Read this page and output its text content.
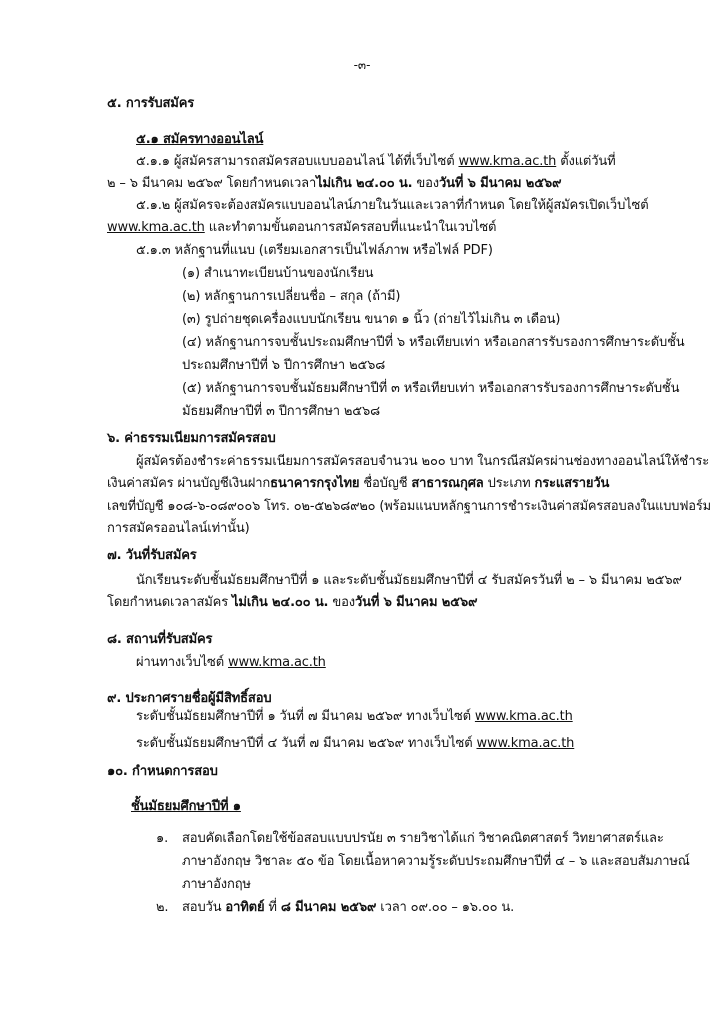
-๓-
๕. การรับสมัคร
๕.๑ สมัครทางออนไลน์
๕.๑.๑ ผู้สมัครสามารถสมัครสอบแบบออนไลน์ ได้ที่เว็บไซต์ www.kma.ac.th ตั้งแต่วันที่
๒ – ๖ มีนาคม ๒๕๖๙ โดยกำหนดเวลาไม่เกิน ๒๔.๐๐ น. ของวันที่ ๖ มีนาคม ๒๕๖๙
๕.๑.๒ ผู้สมัครจะต้องสมัครแบบออนไลน์ภายในวันและเวลาที่กำหนด โดยให้ผู้สมัครเปิดเว็บไซต์
www.kma.ac.th และทำตามขั้นตอนการสมัครสอบที่แนะนำในเวบไซต์
๕.๑.๓ หลักฐานที่แนบ (เตรียมเอกสารเป็นไฟล์ภาพ หรือไฟล์ PDF)
(๑) สำเนาทะเบียนบ้านของนักเรียน
(๒) หลักฐานการเปลี่ยนชื่อ – สกุล (ถ้ามี)
(๓) รูปถ่ายชุดเครื่องแบบนักเรียน ขนาด ๑ นิ้ว (ถ่ายไว้ไม่เกิน ๓ เดือน)
(๔) หลักฐานการจบชั้นประถมศึกษาปีที่ ๖ หรือเทียบเท่า หรือเอกสารรับรองการศึกษาระดับชั้น
ประถมศึกษาปีที่ ๖ ปีการศึกษา ๒๕๖๘
(๕) หลักฐานการจบชั้นมัธยมศึกษาปีที่ ๓ หรือเทียบเท่า หรือเอกสารรับรองการศึกษาระดับชั้น
มัธยมศึกษาปีที่ ๓ ปีการศึกษา ๒๕๖๘
๖. ค่าธรรมเนียมการสมัครสอบ
ผู้สมัครต้องชำระค่าธรรมเนียมการสมัครสอบจำนวน ๒๐๐ บาท ในกรณีสมัครผ่านช่องทางออนไลน์ให้ชำระ
เงินค่าสมัคร ผ่านบัญชีเงินฝากธนาคารกรุงไทย ชื่อบัญชี สาธารณกุศล ประเภท กระแสรายวัน
เลขที่บัญชี ๑๐๘-๖-๐๘๙๐๐๖ โทร. ๐๒-๕๒๖๘๙๒๐ (พร้อมแนบหลักฐานการชำระเงินค่าสมัครสอบลงในแบบฟอร์ม
การสมัครออนไลน์เท่านั้น)
๗. วันที่รับสมัคร
นักเรียนระดับชั้นมัธยมศึกษาปีที่ ๑ และระดับชั้นมัธยมศึกษาปีที่ ๔ รับสมัครวันที่ ๒ – ๖ มีนาคม ๒๕๖๙
โดยกำหนดเวลาสมัคร ไม่เกิน ๒๔.๐๐ น. ของวันที่ ๖ มีนาคม ๒๕๖๙
๘. สถานที่รับสมัคร
ผ่านทางเว็บไซต์ www.kma.ac.th
๙. ประกาศรายชื่อผู้มีสิทธิ์สอบ
ระดับชั้นมัธยมศึกษาปีที่ ๑ วันที่ ๗ มีนาคม ๒๕๖๙ ทางเว็บไซต์ www.kma.ac.th
ระดับชั้นมัธยมศึกษาปีที่ ๔ วันที่ ๗ มีนาคม ๒๕๖๙ ทางเว็บไซต์ www.kma.ac.th
๑๐. กำหนดการสอบ
ชั้นมัธยมศึกษาปีที่ ๑
๑. สอบคัดเลือกโดยใช้ข้อสอบแบบปรนัย ๓ รายวิชาได้แก่ วิชาคณิตศาสตร์ วิทยาศาสตร์และ
ภาษาอังกฤษ วิชาละ ๕๐ ข้อ โดยเนื้อหาความรู้ระดับประถมศึกษาปีที่ ๔ – ๖ และสอบสัมภาษณ์
ภาษาอังกฤษ
๒. สอบวัน อาทิตย์ ที่ ๘ มีนาคม ๒๕๖๙ เวลา ๐๙.๐๐ – ๑๖.๐๐ น.
